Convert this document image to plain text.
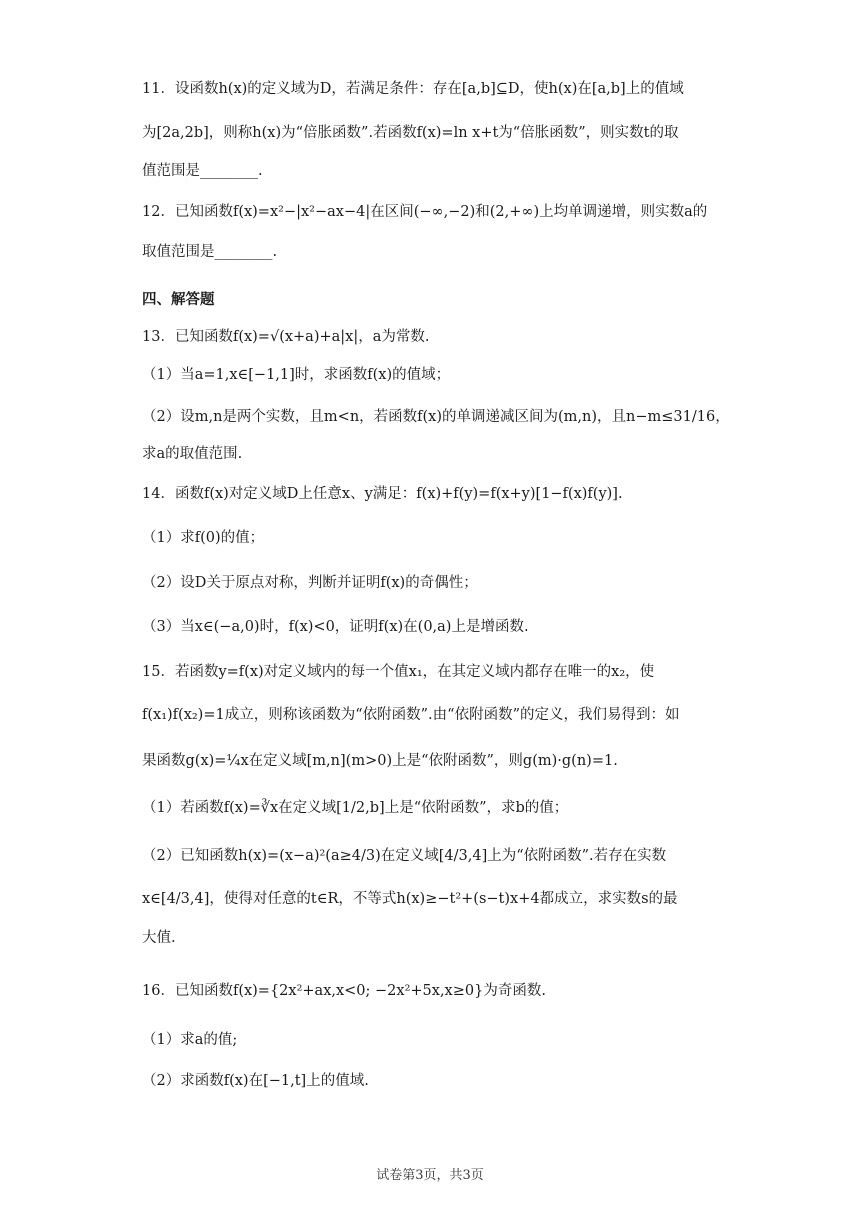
11．设函数h(x)的定义域为D，若满足条件：存在[a,b]⊆D，使h(x)在[a,b]上的值域
为[2a,2b]，则称h(x)为“倍胀函数”.若函数f(x)=ln x+t为“倍胀函数”，则实数t的取
值范围是________.
12．已知函数f(x)=x²−|x²−ax−4|在区间(−∞,−2)和(2,+∞)上均单调递增，则实数a的
取值范围是________.
四、解答题
13．已知函数f(x)=√(x+a)+a|x|，a为常数.
（1）当a=1,x∈[−1,1]时，求函数f(x)的值域；
（2）设m,n是两个实数，且m<n，若函数f(x)的单调递减区间为(m,n)，且n−m≤31/16，
求a的取值范围.
14．函数f(x)对定义域D上任意x、y满足：f(x)+f(y)=f(x+y)[1−f(x)f(y)].
（1）求f(0)的值；
（2）设D关于原点对称，判断并证明f(x)的奇偶性；
（3）当x∈(−a,0)时，f(x)<0，证明f(x)在(0,a)上是增函数.
15．若函数y=f(x)对定义域内的每一个值x₁，在其定义域内都存在唯一的x₂，使
f(x₁)f(x₂)=1成立，则称该函数为“依附函数”.由“依附函数”的定义，我们易得到：如
果函数g(x)=¼x在定义域[m,n](m>0)上是“依附函数”，则g(m)·g(n)=1.
（1）若函数f(x)=∛x在定义域[1/2,b]上是“依附函数”，求b的值；
（2）已知函数h(x)=(x−a)²(a≥4/3)在定义域[4/3,4]上为“依附函数”.若存在实数
x∈[4/3,4]，使得对任意的t∈R，不等式h(x)≥−t²+(s−t)x+4都成立，求实数s的最
大值.
16．已知函数f(x)={2x²+ax,x<0; −2x²+5x,x≥0}为奇函数.
（1）求a的值;
（2）求函数f(x)在[−1,t]上的值域.
试卷第3页，共3页
